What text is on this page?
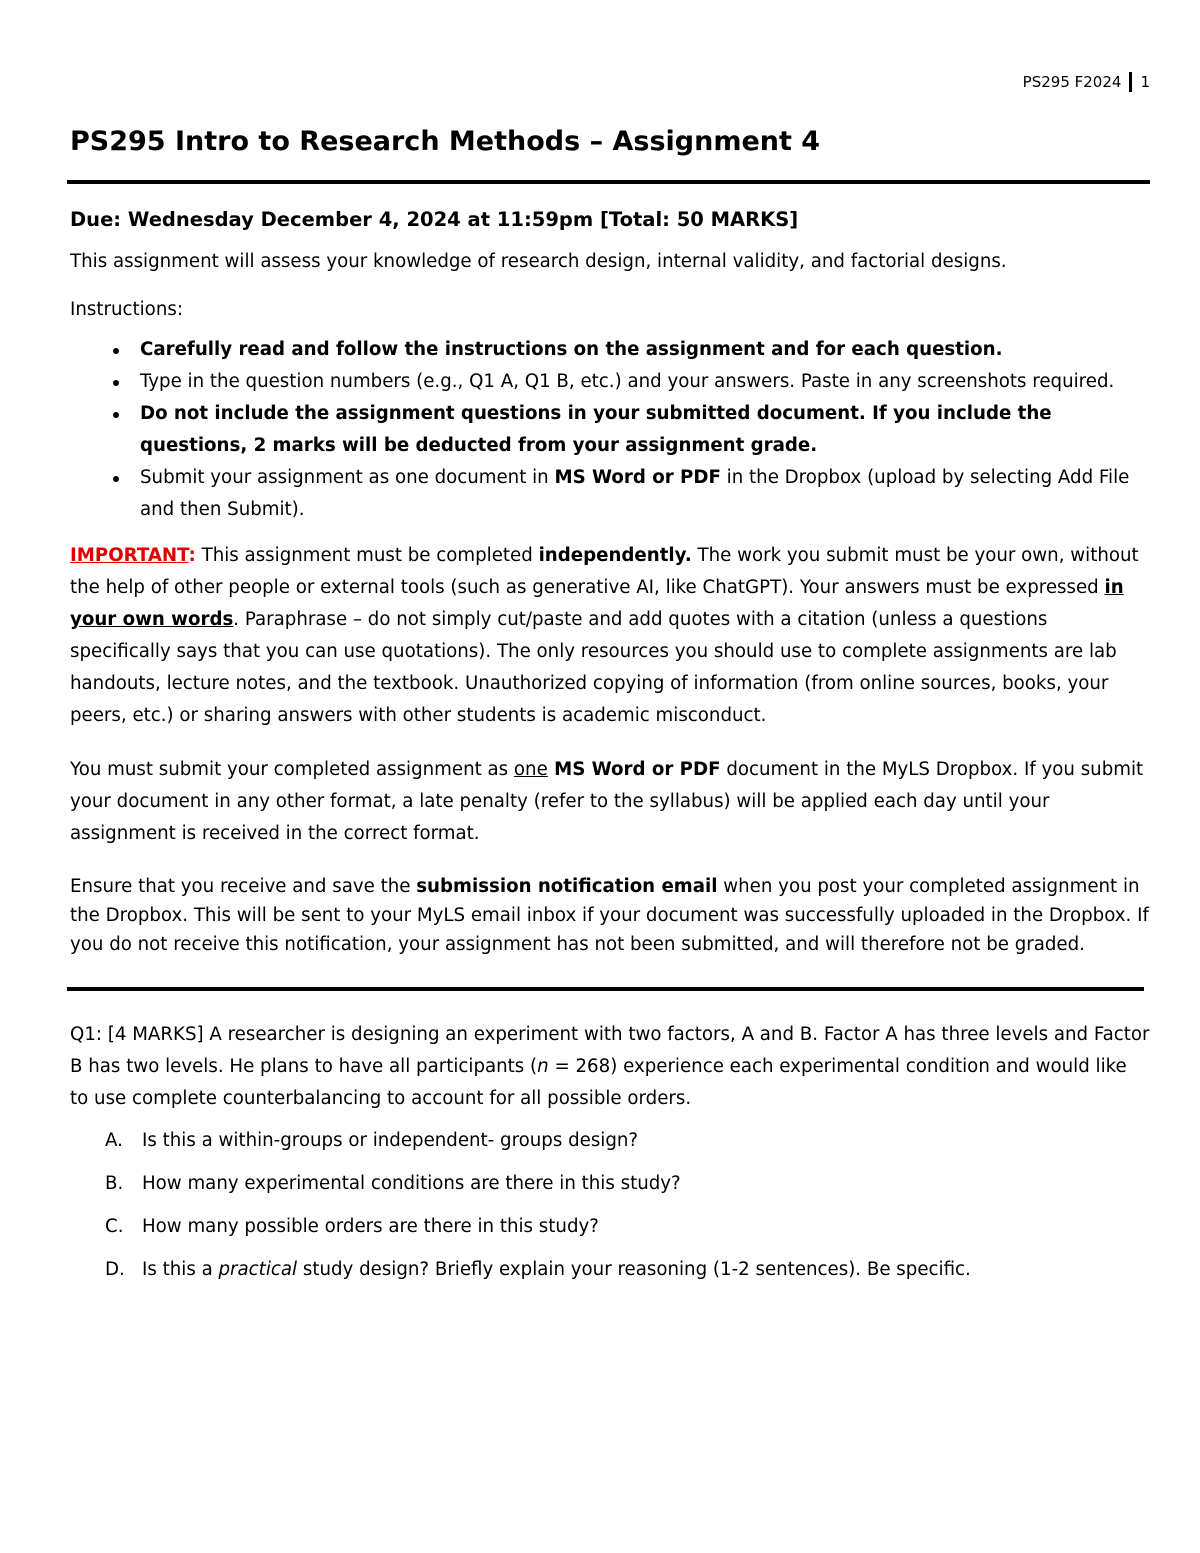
PS295 F2024 1
PS295 Intro to Research Methods – Assignment 4
Due: Wednesday December 4, 2024 at 11:59pm [Total: 50 MARKS]

This assignment will assess your knowledge of research design, internal validity, and factorial designs.

Instructions:

Carefully read and follow the instructions on the assignment and for each question.
Type in the question numbers (e.g., Q1 A, Q1 B, etc.) and your answers. Paste in any screenshots required.
Do not include the assignment questions in your submitted document. If you include the questions, 2 marks will be deducted from your assignment grade.
Submit your assignment as one document in MS Word or PDF in the Dropbox (upload by selecting Add File and then Submit).

IMPORTANT: This assignment must be completed independently. The work you submit must be your own, without the help of other people or external tools (such as generative AI, like ChatGPT). Your answers must be expressed in your own words. Paraphrase – do not simply cut/paste and add quotes with a citation (unless a questions specifically says that you can use quotations). The only resources you should use to complete assignments are lab handouts, lecture notes, and the textbook. Unauthorized copying of information (from online sources, books, your peers, etc.) or sharing answers with other students is academic misconduct.

You must submit your completed assignment as one MS Word or PDF document in the MyLS Dropbox. If you submit your document in any other format, a late penalty (refer to the syllabus) will be applied each day until your assignment is received in the correct format.

Ensure that you receive and save the submission notification email when you post your completed assignment in the Dropbox. This will be sent to your MyLS email inbox if your document was successfully uploaded in the Dropbox. If you do not receive this notification, your assignment has not been submitted, and will therefore not be graded.

Q1: [4 MARKS] A researcher is designing an experiment with two factors, A and B. Factor A has three levels and Factor B has two levels. He plans to have all participants (n = 268) experience each experimental condition and would like to use complete counterbalancing to account for all possible orders.

A. Is this a within-groups or independent- groups design?
B. How many experimental conditions are there in this study?
C. How many possible orders are there in this study?
D. Is this a practical study design? Briefly explain your reasoning (1-2 sentences). Be specific.
